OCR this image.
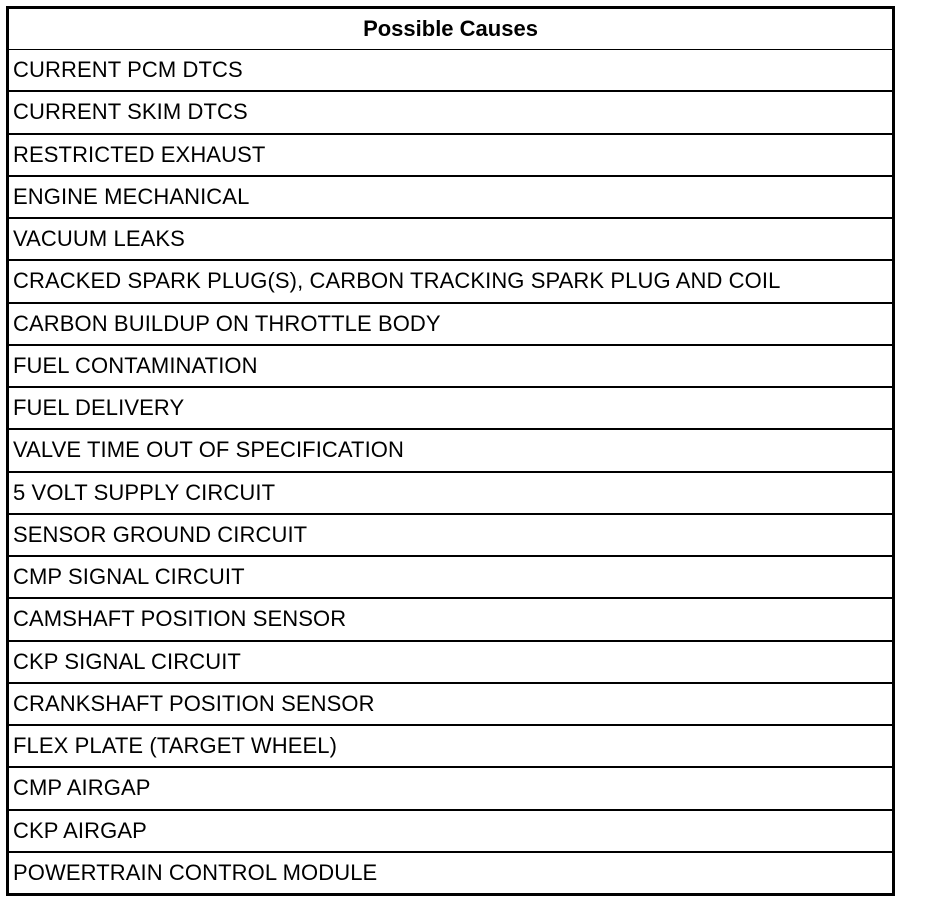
Possible Causes
CURRENT PCM DTCS
CURRENT SKIM DTCS
RESTRICTED EXHAUST
ENGINE MECHANICAL
VACUUM LEAKS
CRACKED SPARK PLUG(S), CARBON TRACKING SPARK PLUG AND COIL
CARBON BUILDUP ON THROTTLE BODY
FUEL CONTAMINATION
FUEL DELIVERY
VALVE TIME OUT OF SPECIFICATION
5 VOLT SUPPLY CIRCUIT
SENSOR GROUND CIRCUIT
CMP SIGNAL CIRCUIT
CAMSHAFT POSITION SENSOR
CKP SIGNAL CIRCUIT
CRANKSHAFT POSITION SENSOR
FLEX PLATE (TARGET WHEEL)
CMP AIRGAP
CKP AIRGAP
POWERTRAIN CONTROL MODULE
